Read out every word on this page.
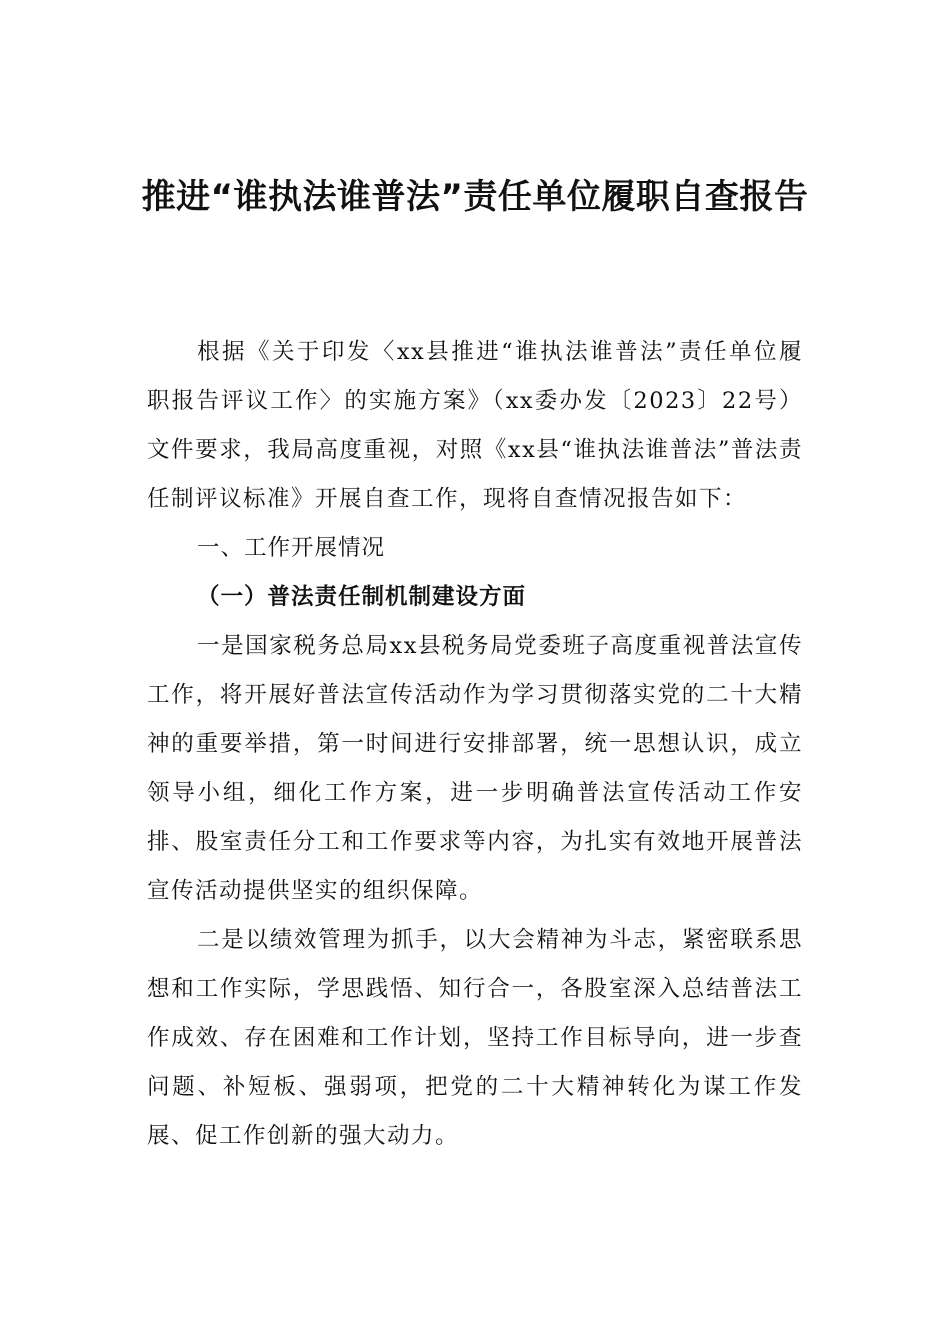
推进“谁执法谁普法”责任单位履职自查报告

根据《关于印发〈xx县推进“谁执法谁普法”责任单位履职报告评议工作〉的实施方案》（xx委办发〔2023〕22号）文件要求，我局高度重视，对照《xx县“谁执法谁普法”普法责任制评议标准》开展自查工作，现将自查情况报告如下：

一、工作开展情况

（一）普法责任制机制建设方面

一是国家税务总局xx县税务局党委班子高度重视普法宣传工作，将开展好普法宣传活动作为学习贯彻落实党的二十大精神的重要举措，第一时间进行安排部署，统一思想认识，成立领导小组，细化工作方案，进一步明确普法宣传活动工作安排、股室责任分工和工作要求等内容，为扎实有效地开展普法宣传活动提供坚实的组织保障。

二是以绩效管理为抓手，以大会精神为斗志，紧密联系思想和工作实际，学思践悟、知行合一，各股室深入总结普法工作成效、存在困难和工作计划，坚持工作目标导向，进一步查问题、补短板、强弱项，把党的二十大精神转化为谋工作发展、促工作创新的强大动力。
